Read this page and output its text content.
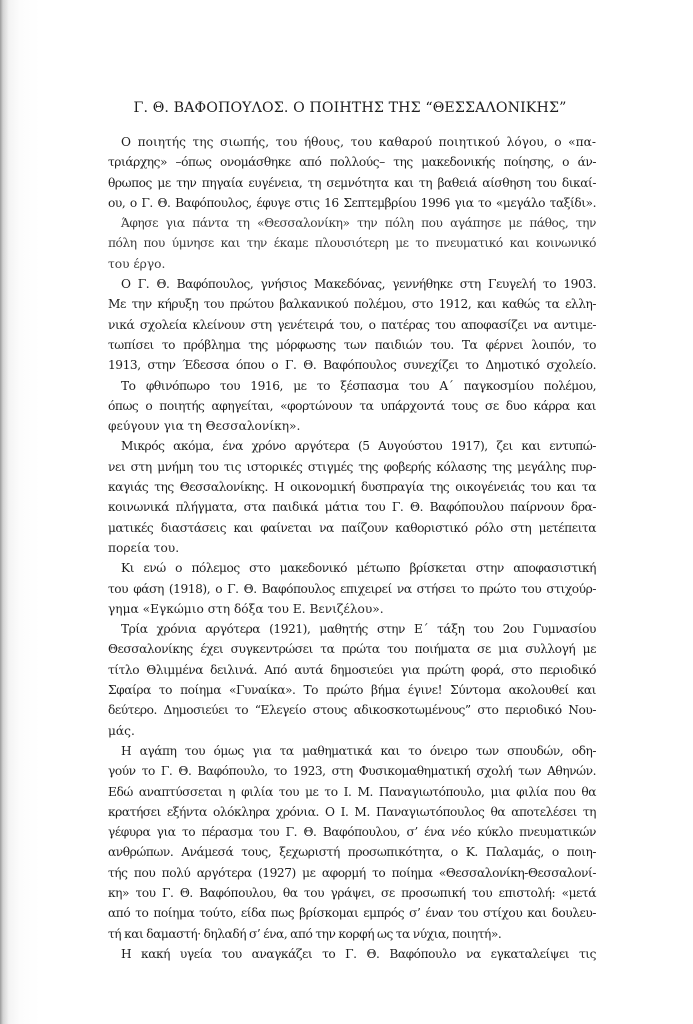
Γ. Θ. ΒΑΦΟΠΟΥΛΟΣ. Ο ΠΟΙΗΤΗΣ ΤΗΣ “ΘΕΣΣΑΛΟΝΙΚΗΣ”

Ο ποιητής της σιωπής, του ήθους, του καθαρού ποιητικού λόγου, ο «πα-
τριάρχης» –όπως ονομάσθηκε από πολλούς– της μακεδονικής ποίησης, ο άν-
θρωπος με την πηγαία ευγένεια, τη σεμνότητα και τη βαθειά αίσθηση του δικαί-
ου, ο Γ. Θ. Βαφόπουλος, έφυγε στις 16 Σεπτεμβρίου 1996 για το «μεγάλο ταξίδι».

Άφησε για πάντα τη «Θεσσαλονίκη» την πόλη που αγάπησε με πάθος, την
πόλη που ύμνησε και την έκαμε πλουσιότερη με το πνευματικό και κοινωνικό
του έργο.

Ο Γ. Θ. Βαφόπουλος, γνήσιος Μακεδόνας, γεννήθηκε στη Γευγελή το 1903.
Με την κήρυξη του πρώτου βαλκανικού πολέμου, στο 1912, και καθώς τα ελλη-
νικά σχολεία κλείνουν στη γενέτειρά του, ο πατέρας του αποφασίζει να αντιμε-
τωπίσει το πρόβλημα της μόρφωσης των παιδιών του. Τα φέρνει λοιπόν, το
1913, στην Έδεσσα όπου ο Γ. Θ. Βαφόπουλος συνεχίζει το Δημοτικό σχολείο.

Το φθινόπωρο του 1916, με το ξέσπασμα του Α΄ παγκοσμίου πολέμου,
όπως ο ποιητής αφηγείται, «φορτώνουν τα υπάρχοντά τους σε δυο κάρρα και
φεύγουν για τη Θεσσαλονίκη».

Μικρός ακόμα, ένα χρόνο αργότερα (5 Αυγούστου 1917), ζει και εντυπώ-
νει στη μνήμη του τις ιστορικές στιγμές της φοβερής κόλασης της μεγάλης πυρ-
καγιάς της Θεσσαλονίκης. Η οικονομική δυσπραγία της οικογένειάς του και τα
κοινωνικά πλήγματα, στα παιδικά μάτια του Γ. Θ. Βαφόπουλου παίρνουν δρα-
ματικές διαστάσεις και φαίνεται να παίζουν καθοριστικό ρόλο στη μετέπειτα
πορεία του.

Κι ενώ ο πόλεμος στο μακεδονικό μέτωπο βρίσκεται στην αποφασιστική
του φάση (1918), ο Γ. Θ. Βαφόπουλος επιχειρεί να στήσει το πρώτο του στιχούρ-
γημα «Εγκώμιο στη δόξα του Ε. Βενιζέλου».

Τρία χρόνια αργότερα (1921), μαθητής στην Ε΄ τάξη του 2ου Γυμνασίου
Θεσσαλονίκης έχει συγκεντρώσει τα πρώτα του ποιήματα σε μια συλλογή με
τίτλο Θλιμμένα δειλινά. Από αυτά δημοσιεύει για πρώτη φορά, στο περιοδικό
Σφαίρα το ποίημα «Γυναίκα». Το πρώτο βήμα έγινε! Σύντομα ακολουθεί και
δεύτερο. Δημοσιεύει το “Ελεγείο στους αδικοσκοτωμένους” στο περιοδικό Νου-
μάς.

Η αγάπη του όμως για τα μαθηματικά και το όνειρο των σπουδών, οδη-
γούν το Γ. Θ. Βαφόπουλο, το 1923, στη Φυσικομαθηματική σχολή των Αθηνών.
Εδώ αναπτύσσεται η φιλία του με το Ι. Μ. Παναγιωτόπουλο, μια φιλία που θα
κρατήσει εξήντα ολόκληρα χρόνια. Ο Ι. Μ. Παναγιωτόπουλος θα αποτελέσει τη
γέφυρα για το πέρασμα του Γ. Θ. Βαφόπουλου, σ’ ένα νέο κύκλο πνευματικών
ανθρώπων. Ανάμεσά τους, ξεχωριστή προσωπικότητα, ο Κ. Παλαμάς, ο ποιη-
τής που πολύ αργότερα (1927) με αφορμή το ποίημα «Θεσσαλονίκη-Θεσσαλονί-
κη» του Γ. Θ. Βαφόπουλου, θα του γράψει, σε προσωπική του επιστολή: «μετά
από το ποίημα τούτο, είδα πως βρίσκομαι εμπρός σ’ έναν του στίχου και δουλευ-
τή και δαμαστή· δηλαδή σ’ ένα, από την κορφή ως τα νύχια, ποιητή».

Η κακή υγεία του αναγκάζει το Γ. Θ. Βαφόπουλο να εγκαταλείψει τις
